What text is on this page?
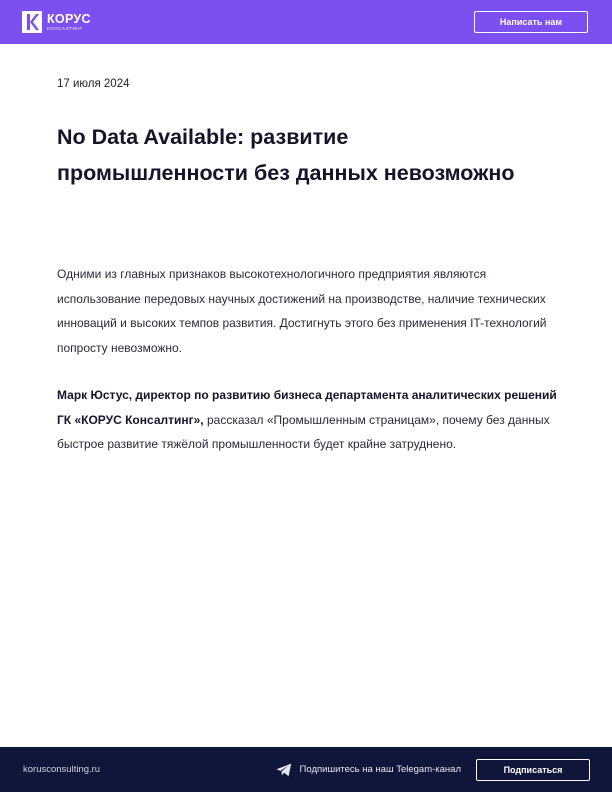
КОРУС
КОНСАЛТИНГ
Написать нам
17 июля 2024
No Data Available: развитие промышленности без данных невозможно

Одними из главных признаков высокотехнологичного предприятия являются использование передовых научных достижений на производстве, наличие технических инноваций и высоких темпов развития. Достигнуть этого без применения IT-технологий попросту невозможно.

Марк Юстус, директор по развитию бизнеса департамента аналитических решений ГК «КОРУС Консалтинг», рассказал «Промышленным страницам», почему без данных быстрое развитие тяжёлой промышленности будет крайне затруднено.

korusconsulting.ru	Подпишитесь на наш Telegam-канал	Подписаться
